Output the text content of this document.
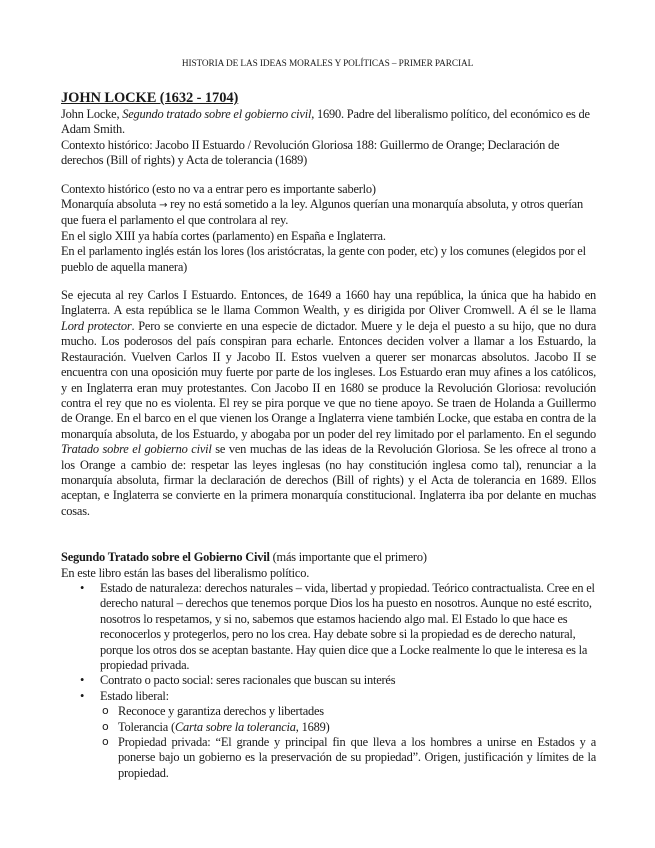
HISTORIA DE LAS IDEAS MORALES Y POLÍTICAS – PRIMER PARCIAL
JOHN LOCKE (1632 - 1704)

John Locke, Segundo tratado sobre el gobierno civil, 1690. Padre del liberalismo político, del económico es de Adam Smith.

Contexto histórico: Jacobo II Estuardo / Revolución Gloriosa 188: Guillermo de Orange; Declaración de derechos (Bill of rights) y Acta de tolerancia (1689)

Contexto histórico (esto no va a entrar pero es importante saberlo)

Monarquía absoluta → rey no está sometido a la ley. Algunos querían una monarquía absoluta, y otros querían que fuera el parlamento el que controlara al rey.

En el siglo XIII ya había cortes (parlamento) en España e Inglaterra.

En el parlamento inglés están los lores (los aristócratas, la gente con poder, etc) y los comunes (elegidos por el pueblo de aquella manera)

Se ejecuta al rey Carlos I Estuardo. Entonces, de 1649 a 1660 hay una república, la única que ha habido en Inglaterra. A esta república se le llama Common Wealth, y es dirigida por Oliver Cromwell. A él se le llama Lord protector. Pero se convierte en una especie de dictador. Muere y le deja el puesto a su hijo, que no dura mucho. Los poderosos del país conspiran para echarle. Entonces deciden volver a llamar a los Estuardo, la Restauración. Vuelven Carlos II y Jacobo II. Estos vuelven a querer ser monarcas absolutos. Jacobo II se encuentra con una oposición muy fuerte por parte de los ingleses. Los Estuardo eran muy afines a los católicos, y en Inglaterra eran muy protestantes. Con Jacobo II en 1680 se produce la Revolución Gloriosa: revolución contra el rey que no es violenta. El rey se pira porque ve que no tiene apoyo. Se traen de Holanda a Guillermo de Orange. En el barco en el que vienen los Orange a Inglaterra viene también Locke, que estaba en contra de la monarquía absoluta, de los Estuardo, y abogaba por un poder del rey limitado por el parlamento. En el segundo Tratado sobre el gobierno civil se ven muchas de las ideas de la Revolución Gloriosa. Se les ofrece al trono a los Orange a cambio de: respetar las leyes inglesas (no hay constitución inglesa como tal), renunciar a la monarquía absoluta, firmar la declaración de derechos (Bill of rights) y el Acta de tolerancia en 1689. Ellos aceptan, e Inglaterra se convierte en la primera monarquía constitucional. Inglaterra iba por delante en muchas cosas.

Segundo Tratado sobre el Gobierno Civil (más importante que el primero)

En este libro están las bases del liberalismo político.

• Estado de naturaleza: derechos naturales – vida, libertad y propiedad. Teórico contractualista. Cree en el derecho natural – derechos que tenemos porque Dios los ha puesto en nosotros. Aunque no esté escrito, nosotros lo respetamos, y si no, sabemos que estamos haciendo algo mal. El Estado lo que hace es reconocerlos y protegerlos, pero no los crea. Hay debate sobre si la propiedad es de derecho natural, porque los otros dos se aceptan bastante. Hay quien dice que a Locke realmente lo que le interesa es la propiedad privada.
• Contrato o pacto social: seres racionales que buscan su interés
• Estado liberal:
o Reconoce y garantiza derechos y libertades
o Tolerancia (Carta sobre la tolerancia, 1689)
o Propiedad privada: “El grande y principal fin que lleva a los hombres a unirse en Estados y a ponerse bajo un gobierno es la preservación de su propiedad”. Origen, justificación y límites de la propiedad.
